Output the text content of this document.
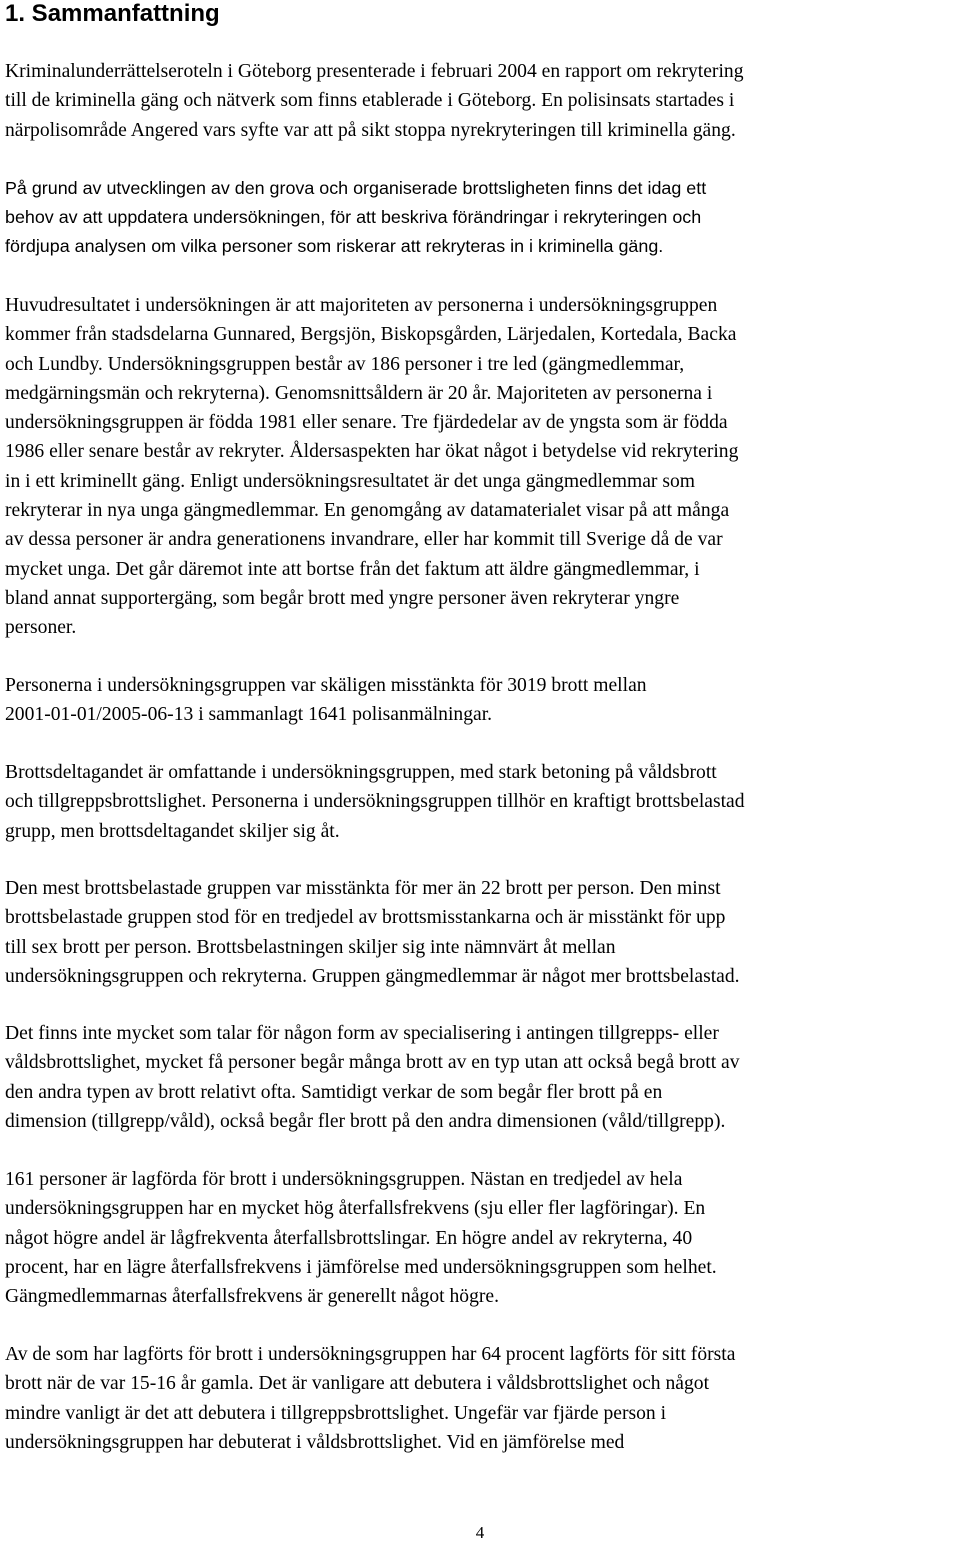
1. Sammanfattning

Kriminalunderrättelseroteln i Göteborg presenterade i februari 2004 en rapport om rekrytering
till de kriminella gäng och nätverk som finns etablerade i Göteborg. En polisinsats startades i
närpolisområde Angered vars syfte var att på sikt stoppa nyrekryteringen till kriminella gäng.

På grund av utvecklingen av den grova och organiserade brottsligheten finns det idag ett
behov av att uppdatera undersökningen, för att beskriva förändringar i rekryteringen och
fördjupa analysen om vilka personer som riskerar att rekryteras in i kriminella gäng.

Huvudresultatet i undersökningen är att majoriteten av personerna i undersökningsgruppen
kommer från stadsdelarna Gunnared, Bergsjön, Biskopsgården, Lärjedalen, Kortedala, Backa
och Lundby. Undersökningsgruppen består av 186 personer i tre led (gängmedlemmar,
medgärningsmän och rekryterna). Genomsnittsåldern är 20 år. Majoriteten av personerna i
undersökningsgruppen är födda 1981 eller senare. Tre fjärdedelar av de yngsta som är födda
1986 eller senare består av rekryter. Åldersaspekten har ökat något i betydelse vid rekrytering
in i ett kriminellt gäng. Enligt undersökningsresultatet är det unga gängmedlemmar som
rekryterar in nya unga gängmedlemmar. En genomgång av datamaterialet visar på att många
av dessa personer är andra generationens invandrare, eller har kommit till Sverige då de var
mycket unga. Det går däremot inte att bortse från det faktum att äldre gängmedlemmar, i
bland annat supportergäng, som begår brott med yngre personer även rekryterar yngre
personer.

Personerna i undersökningsgruppen var skäligen misstänkta för 3019 brott mellan
2001-01-01/2005-06-13 i sammanlagt 1641 polisanmälningar.

Brottsdeltagandet är omfattande i undersökningsgruppen, med stark betoning på våldsbrott
och tillgreppsbrottslighet. Personerna i undersökningsgruppen tillhör en kraftigt brottsbelastad
grupp, men brottsdeltagandet skiljer sig åt.

Den mest brottsbelastade gruppen var misstänkta för mer än 22 brott per person. Den minst
brottsbelastade gruppen stod för en tredjedel av brottsmisstankarna och är misstänkt för upp
till sex brott per person. Brottsbelastningen skiljer sig inte nämnvärt åt mellan
undersökningsgruppen och rekryterna. Gruppen gängmedlemmar är något mer brottsbelastad.

Det finns inte mycket som talar för någon form av specialisering i antingen tillgrepps- eller
våldsbrottslighet, mycket få personer begår många brott av en typ utan att också begå brott av
den andra typen av brott relativt ofta. Samtidigt verkar de som begår fler brott på en
dimension (tillgrepp/våld), också begår fler brott på den andra dimensionen (våld/tillgrepp).

161 personer är lagförda för brott i undersökningsgruppen. Nästan en tredjedel av hela
undersökningsgruppen har en mycket hög återfallsfrekvens (sju eller fler lagföringar). En
något högre andel är lågfrekventa återfallsbrottslingar. En högre andel av rekryterna, 40
procent, har en lägre återfallsfrekvens i jämförelse med undersökningsgruppen som helhet.
Gängmedlemmarnas återfallsfrekvens är generellt något högre.

Av de som har lagförts för brott i undersökningsgruppen har 64 procent lagförts för sitt första
brott när de var 15-16 år gamla. Det är vanligare att debutera i våldsbrottslighet och något
mindre vanligt är det att debutera i tillgreppsbrottslighet. Ungefär var fjärde person i
undersökningsgruppen har debuterat i våldsbrottslighet. Vid en jämförelse med

4
